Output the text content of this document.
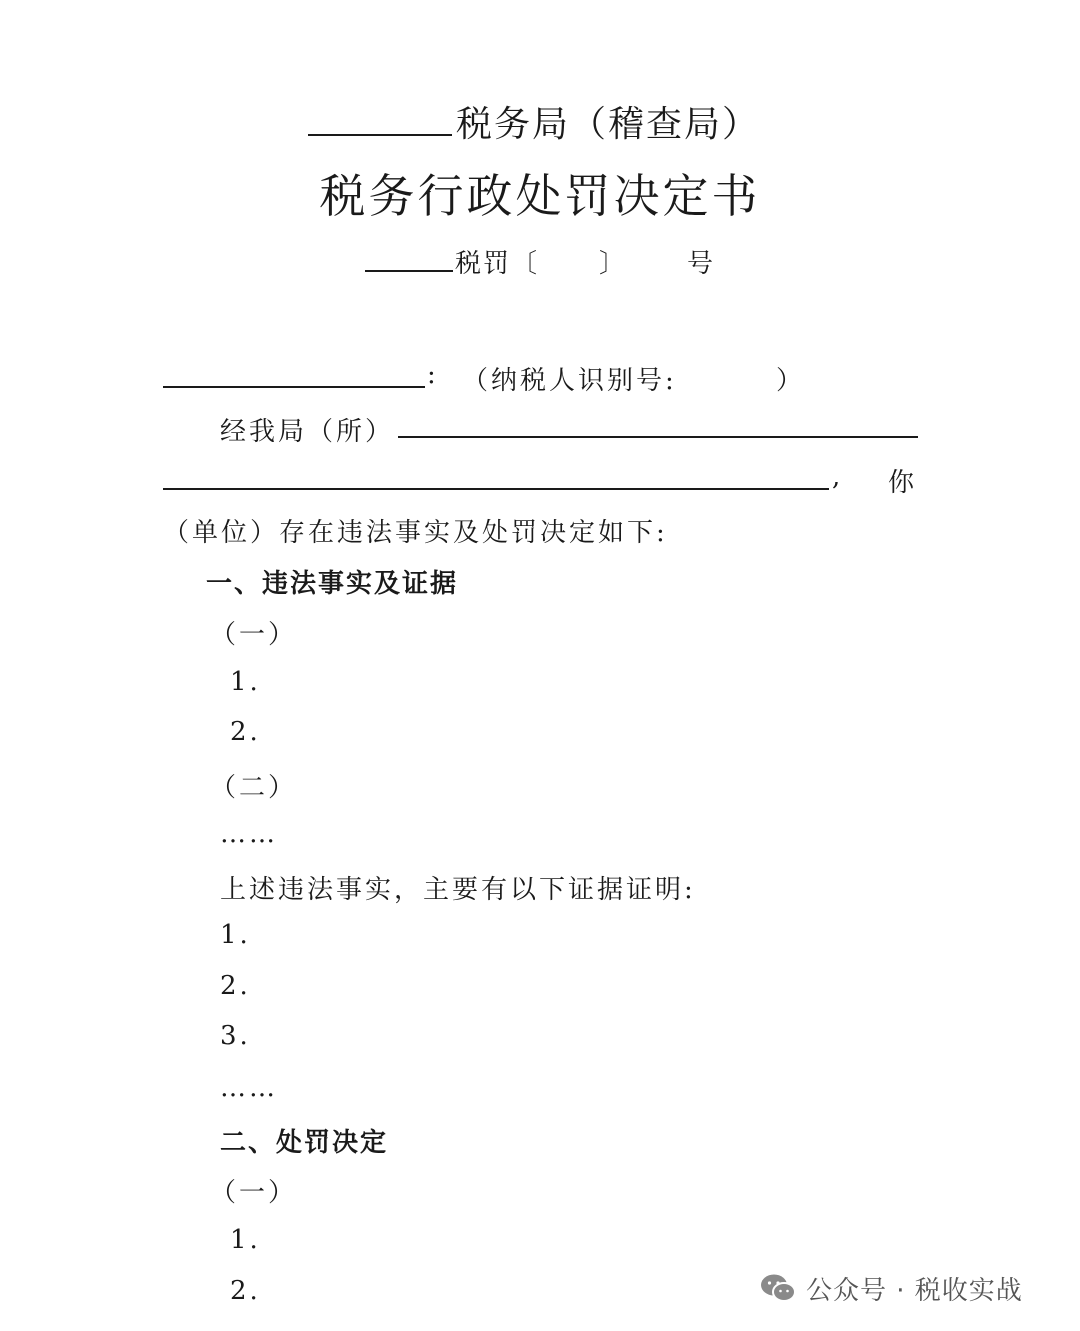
税务局（稽查局）
税务行政处罚决定书
税罚〔 〕 号
: （纳税人识别号:	）
经我局（所）
, 你
（单位）存在违法事实及处罚决定如下:
一、违法事实及证据
（一）
1.
2.
（二）
……
上述违法事实，主要有以下证据证明:
1.
2.
3.
……
二、处罚决定
（一）
1.
2.	公众号 · 税收实战
